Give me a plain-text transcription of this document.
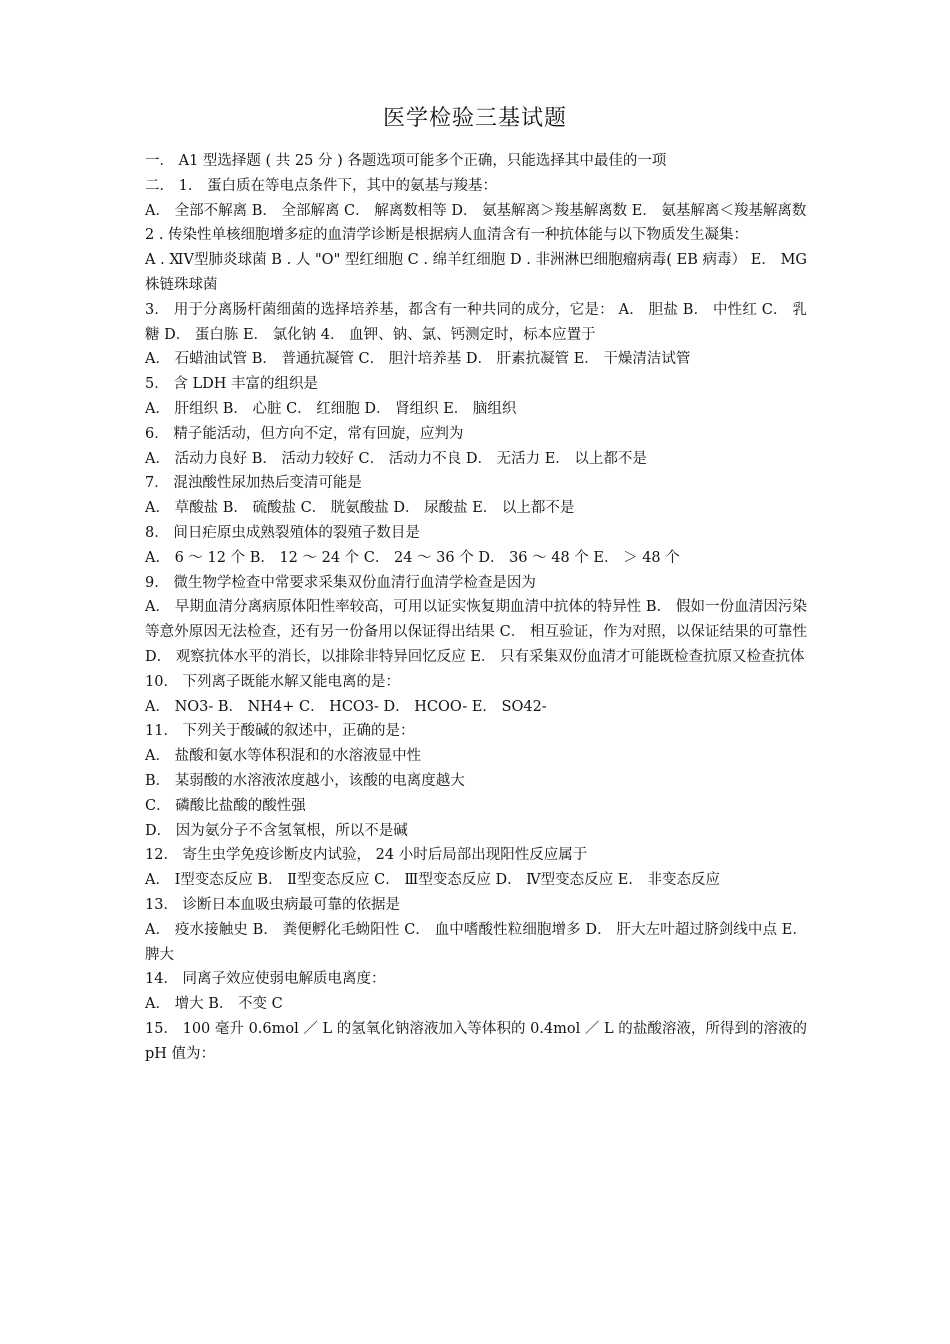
医学检验三基试题

一． A1 型选择题 ( 共 25 分 ) 各题选项可能多个正确，只能选择其中最佳的一项

二． 1． 蛋白质在等电点条件下，其中的氨基与羧基：

A． 全部不解离 B． 全部解离 C． 解离数相等 D． 氨基解离＞羧基解离数 E． 氨基解离＜羧基解离数

2 . 传染性单核细胞增多症的血清学诊断是根据病人血清含有一种抗体能与以下物质发生凝集：

A . ⅪⅤ型肺炎球菌 B . 人 "O" 型红细胞 C . 绵羊红细胞 D . 非洲淋巴细胞瘤病毒( EB 病毒） E． MG 株链珠球菌

3． 用于分离肠杆菌细菌的选择培养基，都含有一种共同的成分，它是： A． 胆盐 B． 中性红 C． 乳糖 D． 蛋白胨 E． 氯化钠 4． 血钾、钠、氯、钙测定时，标本应置于

A． 石蜡油试管 B． 普通抗凝管 C． 胆汁培养基 D． 肝素抗凝管 E． 干燥清洁试管

5． 含 LDH 丰富的组织是

A． 肝组织 B． 心脏 C． 红细胞 D． 肾组织 E． 脑组织

6． 精子能活动，但方向不定，常有回旋，应判为

A． 活动力良好 B． 活动力较好 C． 活动力不良 D． 无活力 E． 以上都不是

7． 混浊酸性尿加热后变清可能是

A． 草酸盐 B． 硫酸盐 C． 胱氨酸盐 D． 尿酸盐 E． 以上都不是

8． 间日疟原虫成熟裂殖体的裂殖子数目是

A． 6 ～ 12 个 B． 12 ～ 24 个 C． 24 ～ 36 个 D． 36 ～ 48 个 E． ＞ 48 个

9． 微生物学检查中常要求采集双份血清行血清学检查是因为

A． 早期血清分离病原体阳性率较高，可用以证实恢复期血清中抗体的特异性 B． 假如一份血清因污染等意外原因无法检查，还有另一份备用以保证得出结果 C． 相互验证，作为对照，以保证结果的可靠性 D． 观察抗体水平的消长，以排除非特异回忆反应 E． 只有采集双份血清才可能既检查抗原又检查抗体

10． 下列离子既能水解又能电离的是：

A． NO3- B． NH4+ C． HCO3- D． HCOO- E． SO42-

11． 下列关于酸碱的叙述中，正确的是：

A． 盐酸和氨水等体积混和的水溶液显中性

B． 某弱酸的水溶液浓度越小，该酸的电离度越大

C． 磷酸比盐酸的酸性强

D． 因为氨分子不含氢氧根，所以不是碱

12． 寄生虫学免疫诊断皮内试验， 24 小时后局部出现阳性反应属于

A． Ⅰ型变态反应 B． Ⅱ型变态反应 C． Ⅲ型变态反应 D． Ⅳ型变态反应 E． 非变态反应

13． 诊断日本血吸虫病最可靠的依据是

A． 疫水接触史 B． 粪便孵化毛蚴阳性 C． 血中嗜酸性粒细胞增多 D． 肝大左叶超过脐剑线中点 E． 脾大

14． 同离子效应使弱电解质电离度：

A． 增大 B． 不变 C

15． 100 毫升 0.6mol ／ L 的氢氧化钠溶液加入等体积的 0.4mol ／ L 的盐酸溶液，所得到的溶液的 pH 值为：
